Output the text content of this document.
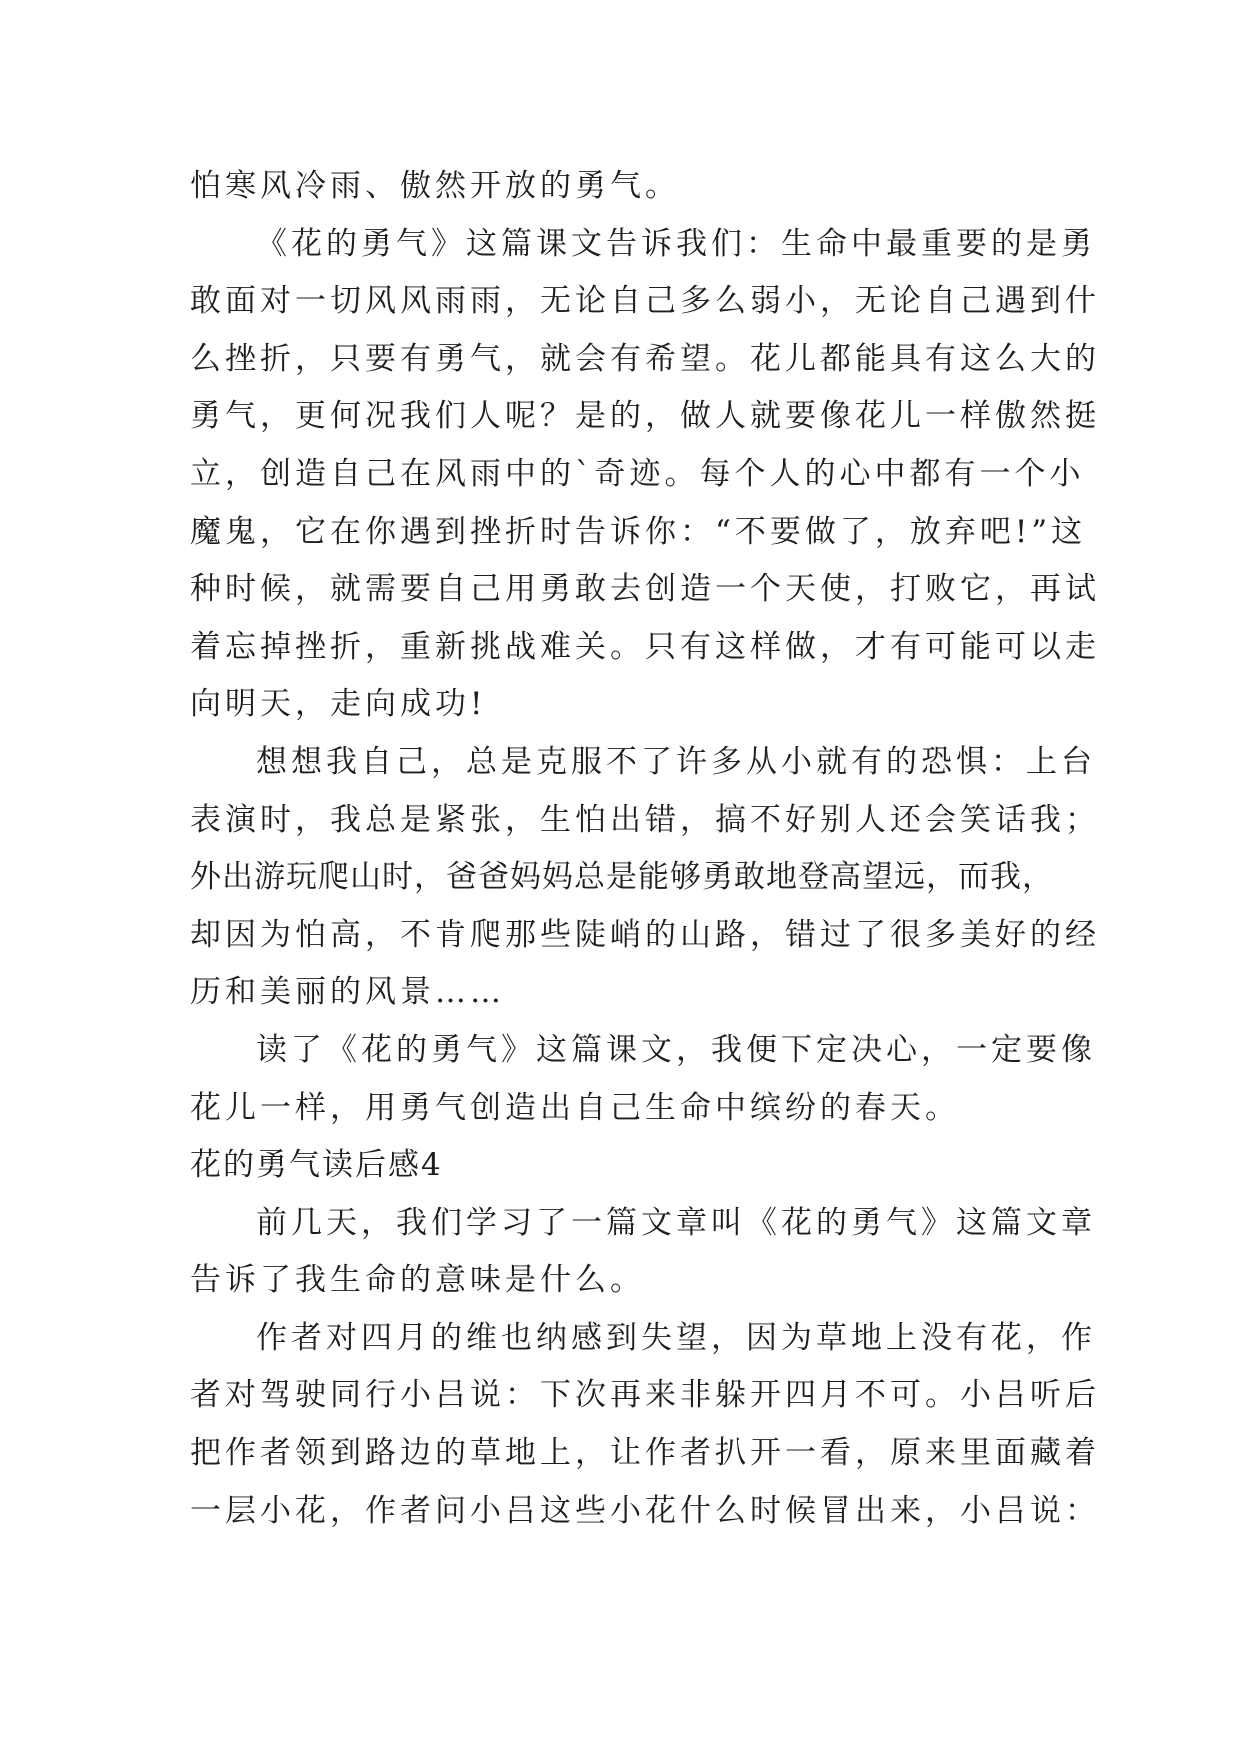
怕寒风冷雨、傲然开放的勇气。

《花的勇气》这篇课文告诉我们：生命中最重要的是勇
敢面对一切风风雨雨，无论自己多么弱小，无论自己遇到什
么挫折，只要有勇气，就会有希望。花儿都能具有这么大的
勇气，更何况我们人呢？是的，做人就要像花儿一样傲然挺
立，创造自己在风雨中的`奇迹。每个人的心中都有一个小
魔鬼，它在你遇到挫折时告诉你：“不要做了，放弃吧!”这
种时候，就需要自己用勇敢去创造一个天使，打败它，再试
着忘掉挫折，重新挑战难关。只有这样做，才有可能可以走
向明天，走向成功!

想想我自己，总是克服不了许多从小就有的恐惧：上台
表演时，我总是紧张，生怕出错，搞不好别人还会笑话我；
外出游玩爬山时，爸爸妈妈总是能够勇敢地登高望远，而我，
却因为怕高，不肯爬那些陡峭的山路，错过了很多美好的经
历和美丽的风景……

读了《花的勇气》这篇课文，我便下定决心，一定要像
花儿一样，用勇气创造出自己生命中缤纷的春天。

花的勇气读后感4

前几天，我们学习了一篇文章叫《花的勇气》这篇文章
告诉了我生命的意味是什么。

作者对四月的维也纳感到失望，因为草地上没有花，作
者对驾驶同行小吕说：下次再来非躲开四月不可。小吕听后
把作者领到路边的草地上，让作者扒开一看，原来里面藏着
一层小花，作者问小吕这些小花什么时候冒出来，小吕说：
